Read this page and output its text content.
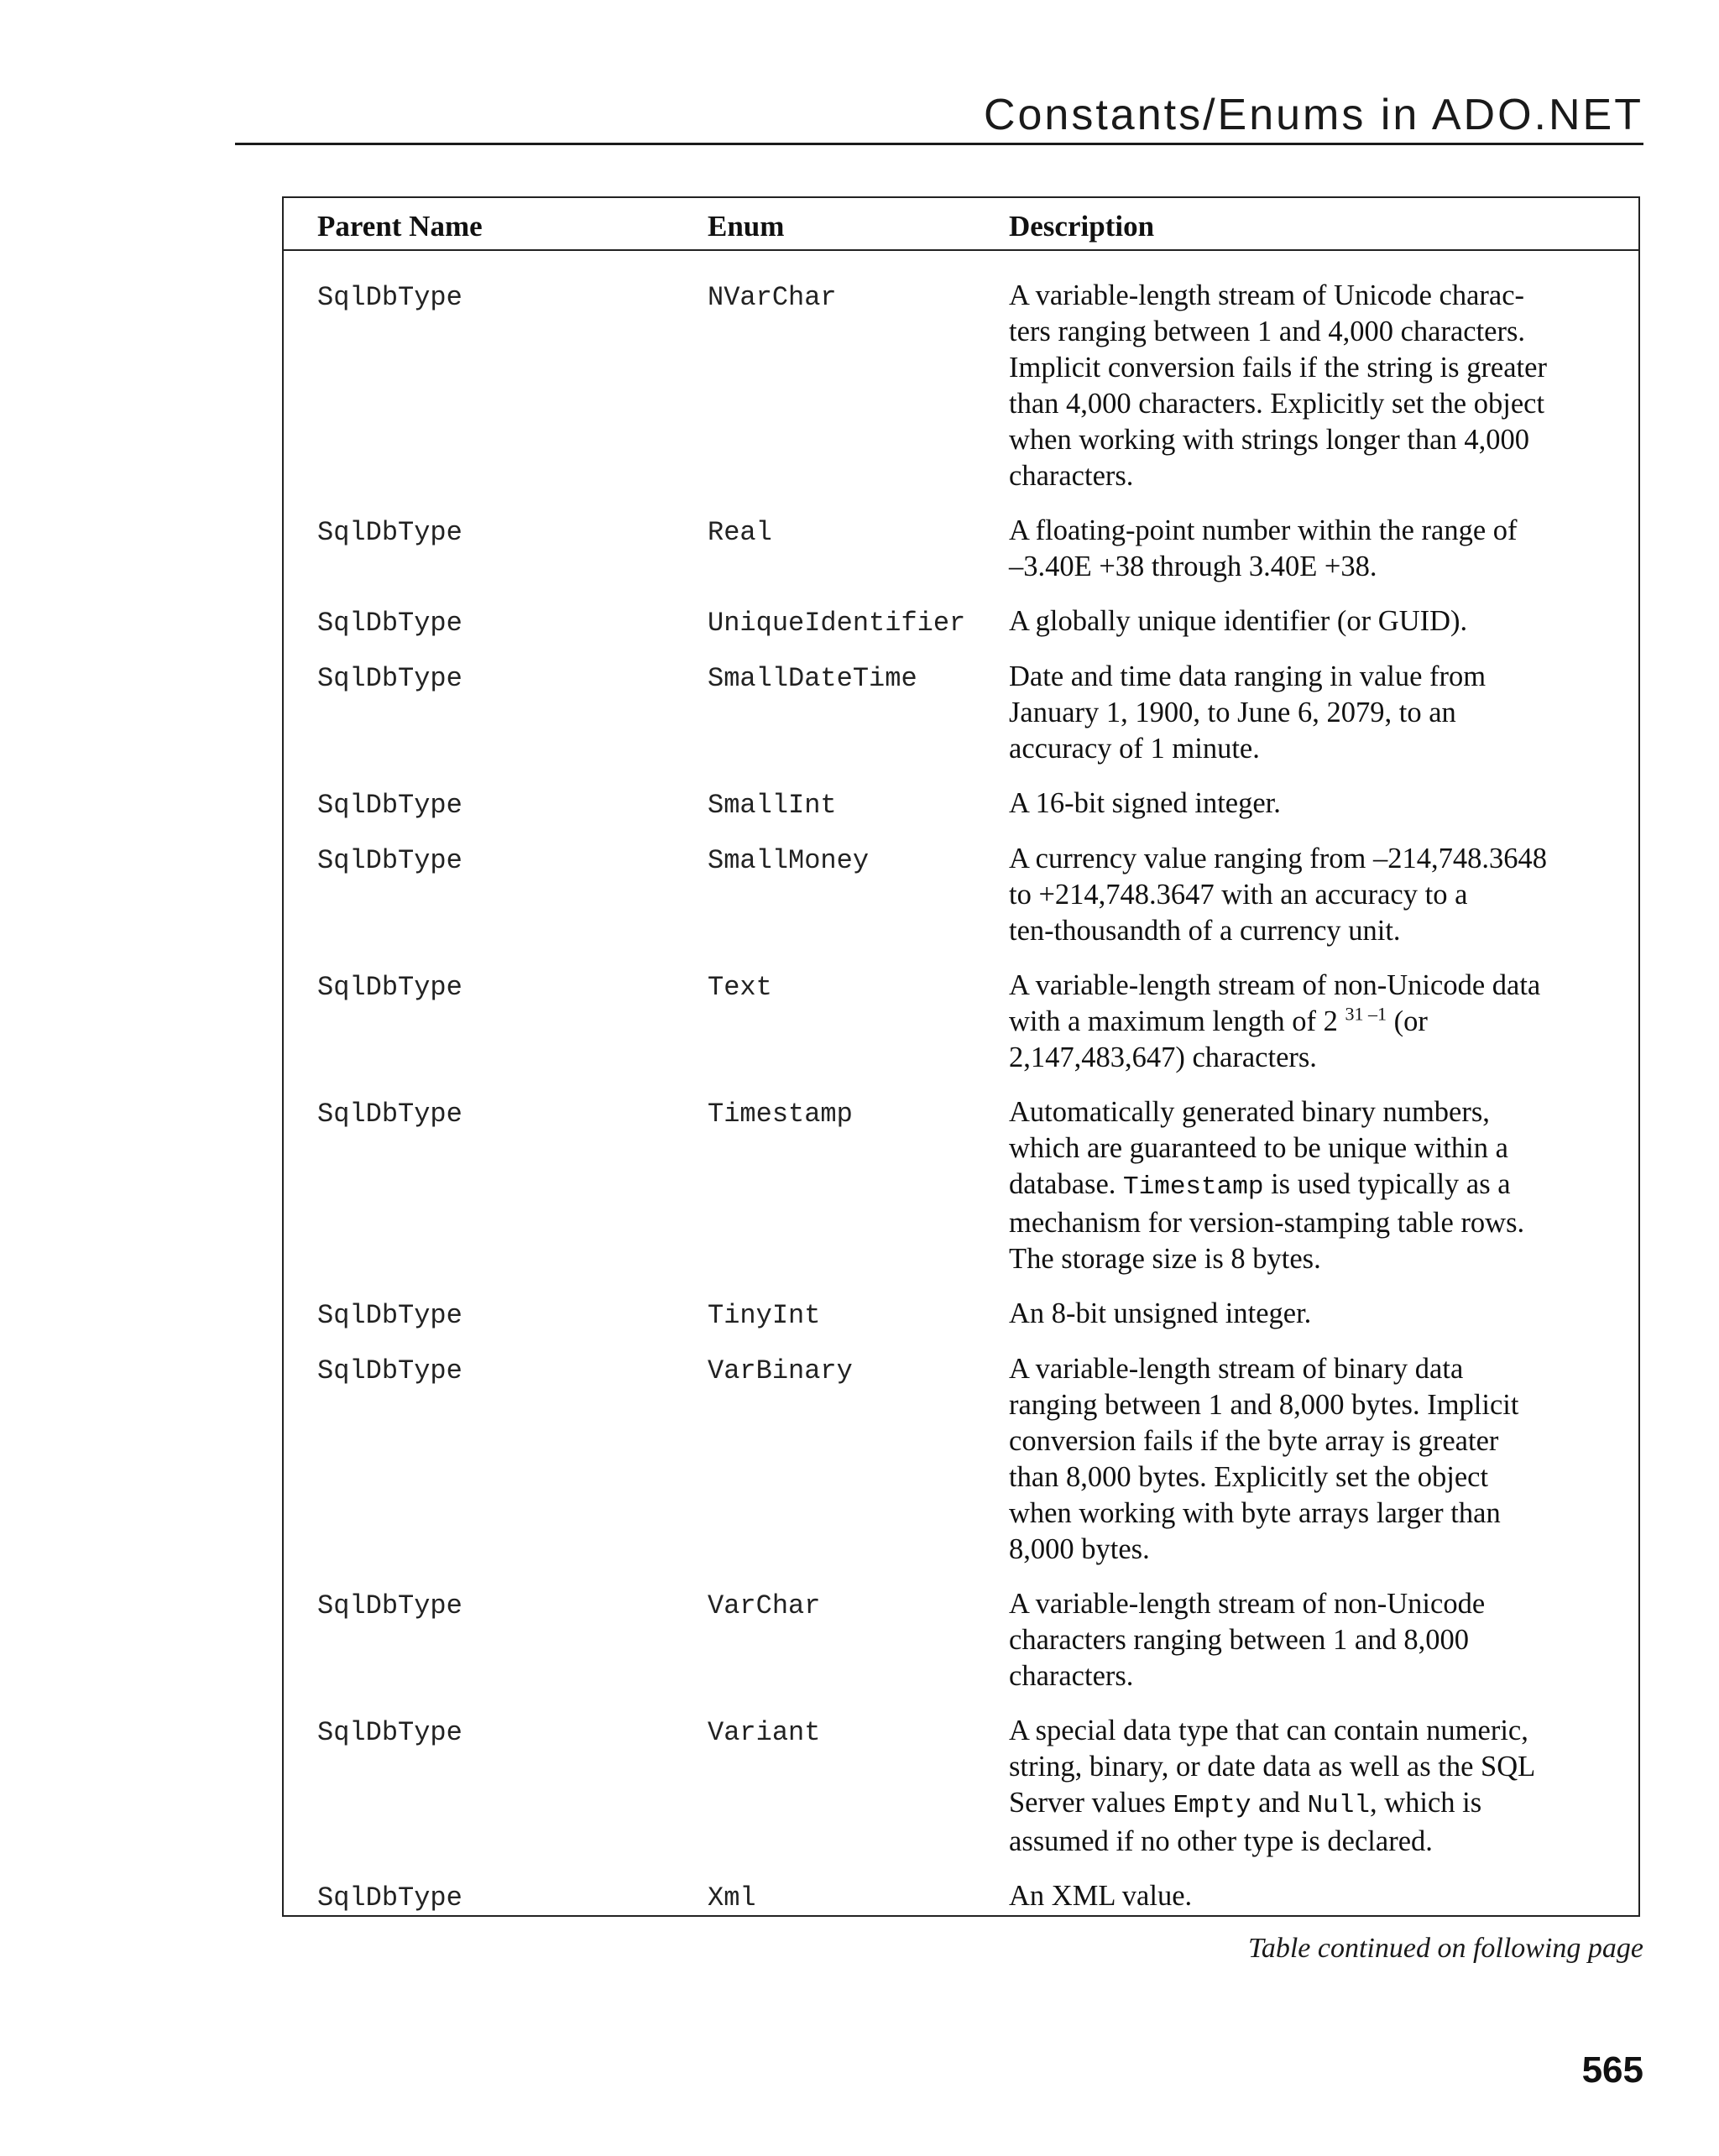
Constants/Enums in ADO.NET
Parent Name	Enum	Description
SqlDbType	NVarChar	A variable-length stream of Unicode charac-
ters ranging between 1 and 4,000 characters.
Implicit conversion fails if the string is greater
than 4,000 characters. Explicitly set the object
when working with strings longer than 4,000
characters.
SqlDbType	Real	A floating-point number within the range of
–3.40E +38 through 3.40E +38.
SqlDbType	UniqueIdentifier A globally unique identifier (or GUID).
SqlDbType	SmallDateTime	Date and time data ranging in value from
January 1, 1900, to June 6, 2079, to an
accuracy of 1 minute.
SqlDbType	SmallInt	A 16-bit signed integer.
SqlDbType	SmallMoney	A currency value ranging from –214,748.3648
to +214,748.3647 with an accuracy to a
ten-thousandth of a currency unit.
SqlDbType	Text	A variable-length stream of non-Unicode data
with a maximum length of 2 $^{31 -1}$ (or
2,147,483,647) characters.
SqlDbType	Timestamp	Automatically generated binary numbers,
which are guaranteed to be unique within a
database. Timestamp is used typically as a
mechanism for version-stamping table rows.
The storage size is 8 bytes.
SqlDbType	TinyInt	An 8-bit unsigned integer.
SqlDbType	VarBinary	A variable-length stream of binary data
ranging between 1 and 8,000 bytes. Implicit
conversion fails if the byte array is greater
than 8,000 bytes. Explicitly set the object
when working with byte arrays larger than
8,000 bytes.
SqlDbType	VarChar	A variable-length stream of non-Unicode
characters ranging between 1 and 8,000
characters.
SqlDbType	Variant	A special data type that can contain numeric,
string, binary, or date data as well as the SQL
Server values Empty and Null, which is
assumed if no other type is declared.
SqlDbType	Xml	An XML value.
Table continued on following page
565
